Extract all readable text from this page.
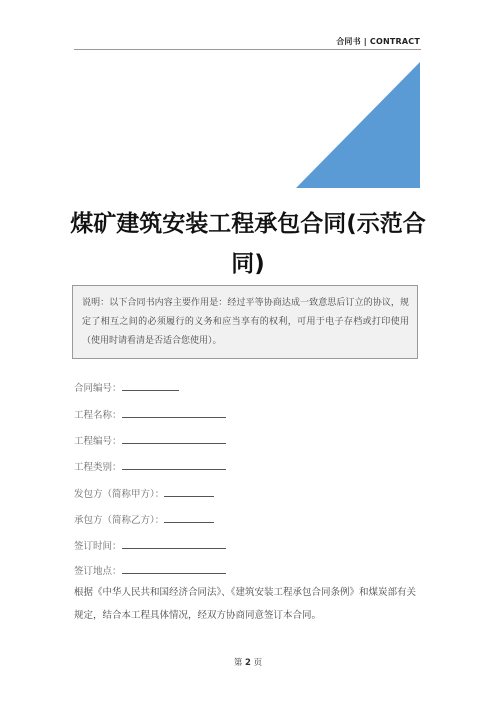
合同书 | CONTRACT
煤矿建筑安装工程承包合同(示范合
同)
说明：以下合同书内容主要作用是：经过平等协商达成一致意思后订立的协议，规定了相互之间的必须履行的义务和应当享有的权利，可用于电子存档或打印使用（使用时请看清是否适合您使用）。
合同编号：
工程名称：
工程编号：
工程类别：
发包方（简称甲方）：
承包方（简称乙方）：
签订时间：
签订地点：
根据《中华人民共和国经济合同法》、《建筑安装工程承包合同条例》和煤炭部有关规定，结合本工程具体情况，经双方协商同意签订本合同。
第 2 页
